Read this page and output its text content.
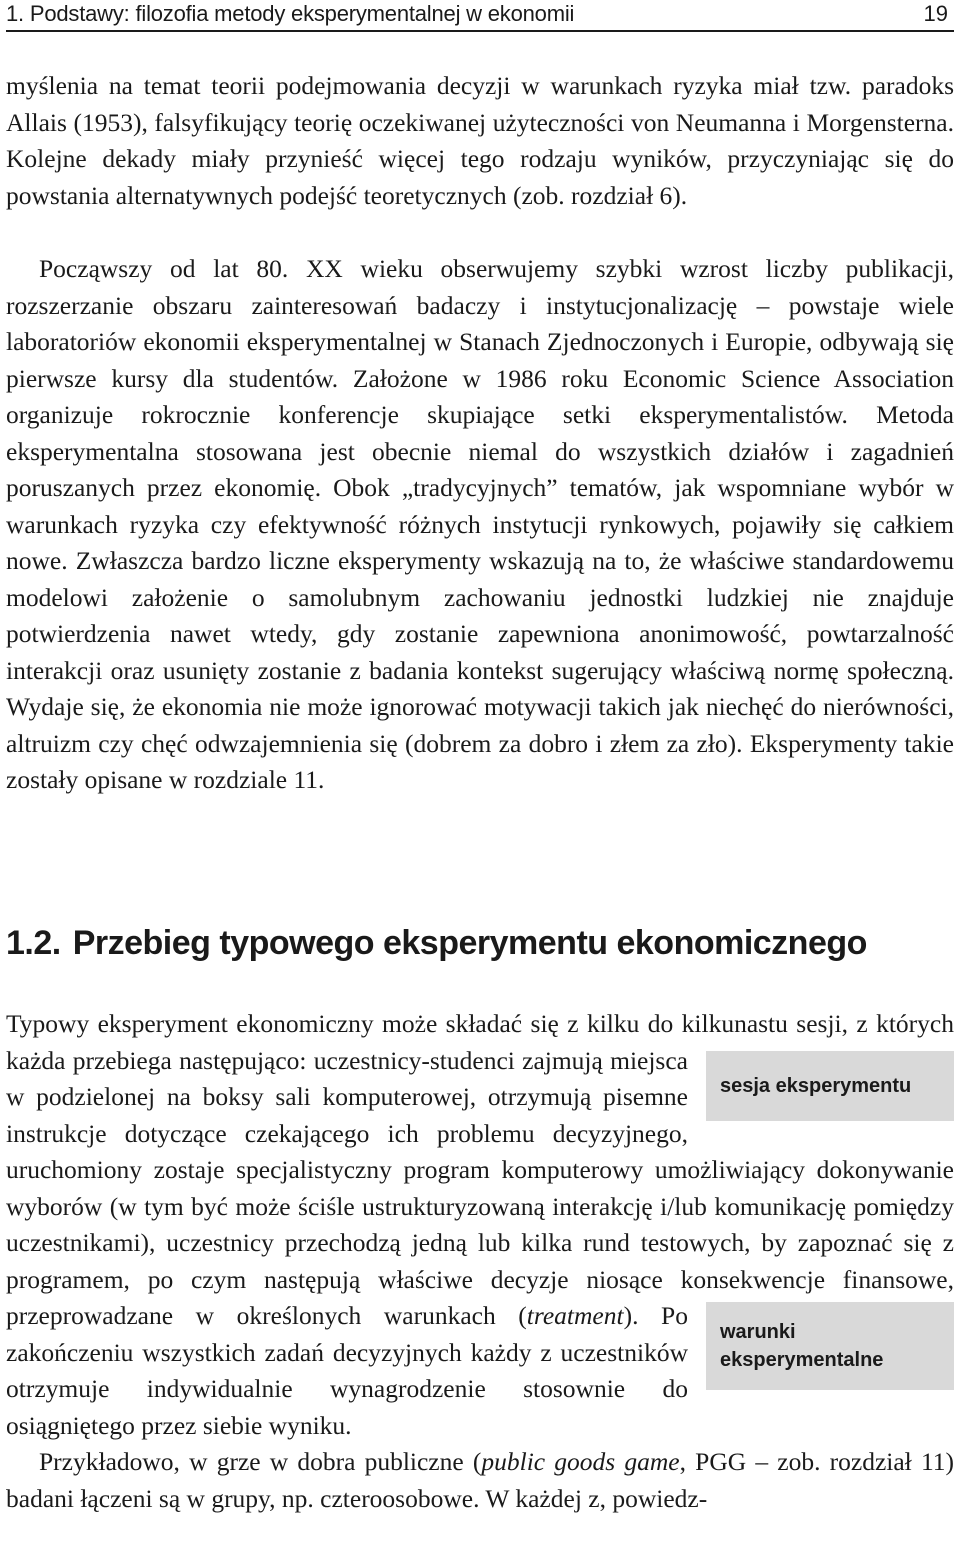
1. Podstawy: filozofia metody eksperymentalnej w ekonomii	19

myślenia na temat teorii podejmowania decyzji w warunkach ryzyka miał tzw. paradoks Allais (1953), falsyfikujący teorię oczekiwanej użyteczności von Neumanna i Morgensterna. Kolejne dekady miały przynieść więcej tego rodzaju wyników, przyczyniając się do powstania alternatywnych podejść teoretycznych (zob. rozdział 6).

Począwszy od lat 80. XX wieku obserwujemy szybki wzrost liczby publikacji, rozszerzanie obszaru zainteresowań badaczy i instytucjonalizację – powstaje wiele laboratoriów ekonomii eksperymentalnej w Stanach Zjednoczonych i Europie, odbywają się pierwsze kursy dla studentów. Założone w 1986 roku Economic Science Association organizuje rokrocznie konferencje skupiające setki eksperymentalistów. Metoda eksperymentalna stosowana jest obecnie niemal do wszystkich działów i zagadnień poruszanych przez ekonomię. Obok „tradycyjnych” tematów, jak wspomniane wybór w warunkach ryzyka czy efektywność różnych instytucji rynkowych, pojawiły się całkiem nowe. Zwłaszcza bardzo liczne eksperymenty wskazują na to, że właściwe standardowemu modelowi założenie o samolubnym zachowaniu jednostki ludzkiej nie znajduje potwierdzenia nawet wtedy, gdy zostanie zapewniona anonimowość, powtarzalność interakcji oraz usunięty zostanie z badania kontekst sugerujący właściwą normę społeczną. Wydaje się, że ekonomia nie może ignorować motywacji takich jak niechęć do nierówności, altruizm czy chęć odwzajemnienia się (dobrem za dobro i złem za zło). Eksperymenty takie zostały opisane w rozdziale 11.

1.2. Przebieg typowego eksperymentu ekonomicznego

Typowy eksperyment ekonomiczny może składać się z kilku do kilkunastu sesji, z których każda przebiega następująco: uczestnicy-studenci zajmują
sesja eksperymentu
miejsca w podzielonej na boksy sali komputerowej, otrzymują pisemne instrukcje dotyczące czekającego ich problemu decyzyjnego, uruchomiony zostaje specjalistyczny program komputerowy umożliwiający dokonywanie wyborów (w tym być może ściśle ustrukturyzowaną interakcję i/lub komunikację pomiędzy uczestnikami), uczestnicy przechodzą jedną lub kilka rund testowych, by zapoznać się z programem, po czym następują właściwe decyzje niosące konsekwencje finansowe, przeprowadzane w określonych warunkach
warunki
eksperymentalne
(treatment). Po zakończeniu wszystkich zadań decyzyjnych każdy z uczestników otrzymuje indywidualnie wynagrodzenie stosownie do osiągniętego przez siebie wyniku.

Przykładowo, w grze w dobra publiczne (public goods game, PGG – zob. rozdział 11) badani łączeni są w grupy, np. czteroosobowe. W każdej z, powiedz-
